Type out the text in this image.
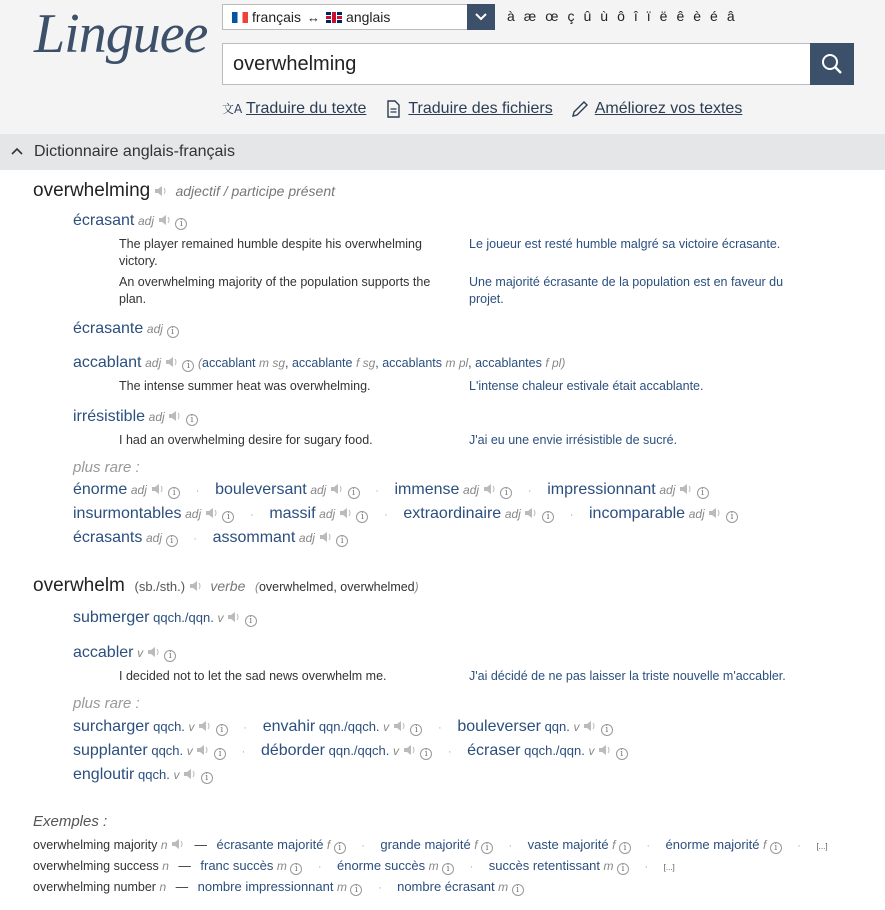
Linguee	français ↔ anglais	à æ œ ç û ù ô î ï ë ê è é â
overwhelming
文A Traduire du texte	Traduire des fichiers	Améliorez vos textes
Dictionnaire anglais-français
overwhelming adjectif / participe présent
écrasant adj	i
The player remained humble despite his overwhelming victory.
Le joueur est resté humble malgré sa victoire écrasante.
An overwhelming majority of the population supports the plan.
Une majorité écrasante de la population est en faveur du projet.
écrasante adj i
accablant adj	i (accablant m sg, accablante f sg, accablants m pl, accablantes f pl)
The intense summer heat was overwhelming.	L'intense chaleur estivale était accablante.
irrésistible adj	i
I had an overwhelming desire for sugary food.	J'ai eu une envie irrésistible de sucré.
plus rare :
énorme adj	i · bouleversant adj	i · immense adj	i · impressionnant adj	i
insurmontables adj	i · massif adj	i · extraordinaire adj	i · incomparable adj	i
écrasants adj i · assommant adj	i
overwhelm (sb./sth.) verbe (overwhelmed, overwhelmed)
submerger qqch./qqn. v	i
accabler v	i
I decided not to let the sad news overwhelm me.	J'ai décidé de ne pas laisser la triste nouvelle m'accabler.
plus rare :
surcharger qqch. v	i · envahir qqn./qqch. v	i · bouleverser qqn. v	i
supplanter qqch. v	i · déborder qqn./qqch. v	i · écraser qqch./qqn. v	i
engloutir qqch. v	i
Exemples :
overwhelming majority n — écrasante majorité f i · grande majorité f i · vaste majorité f i · énorme majorité f i · [...]
overwhelming success n — franc succès m i · énorme succès m i · succès retentissant m i · [...]
overwhelming number n — nombre impressionnant m i · nombre écrasant m i
